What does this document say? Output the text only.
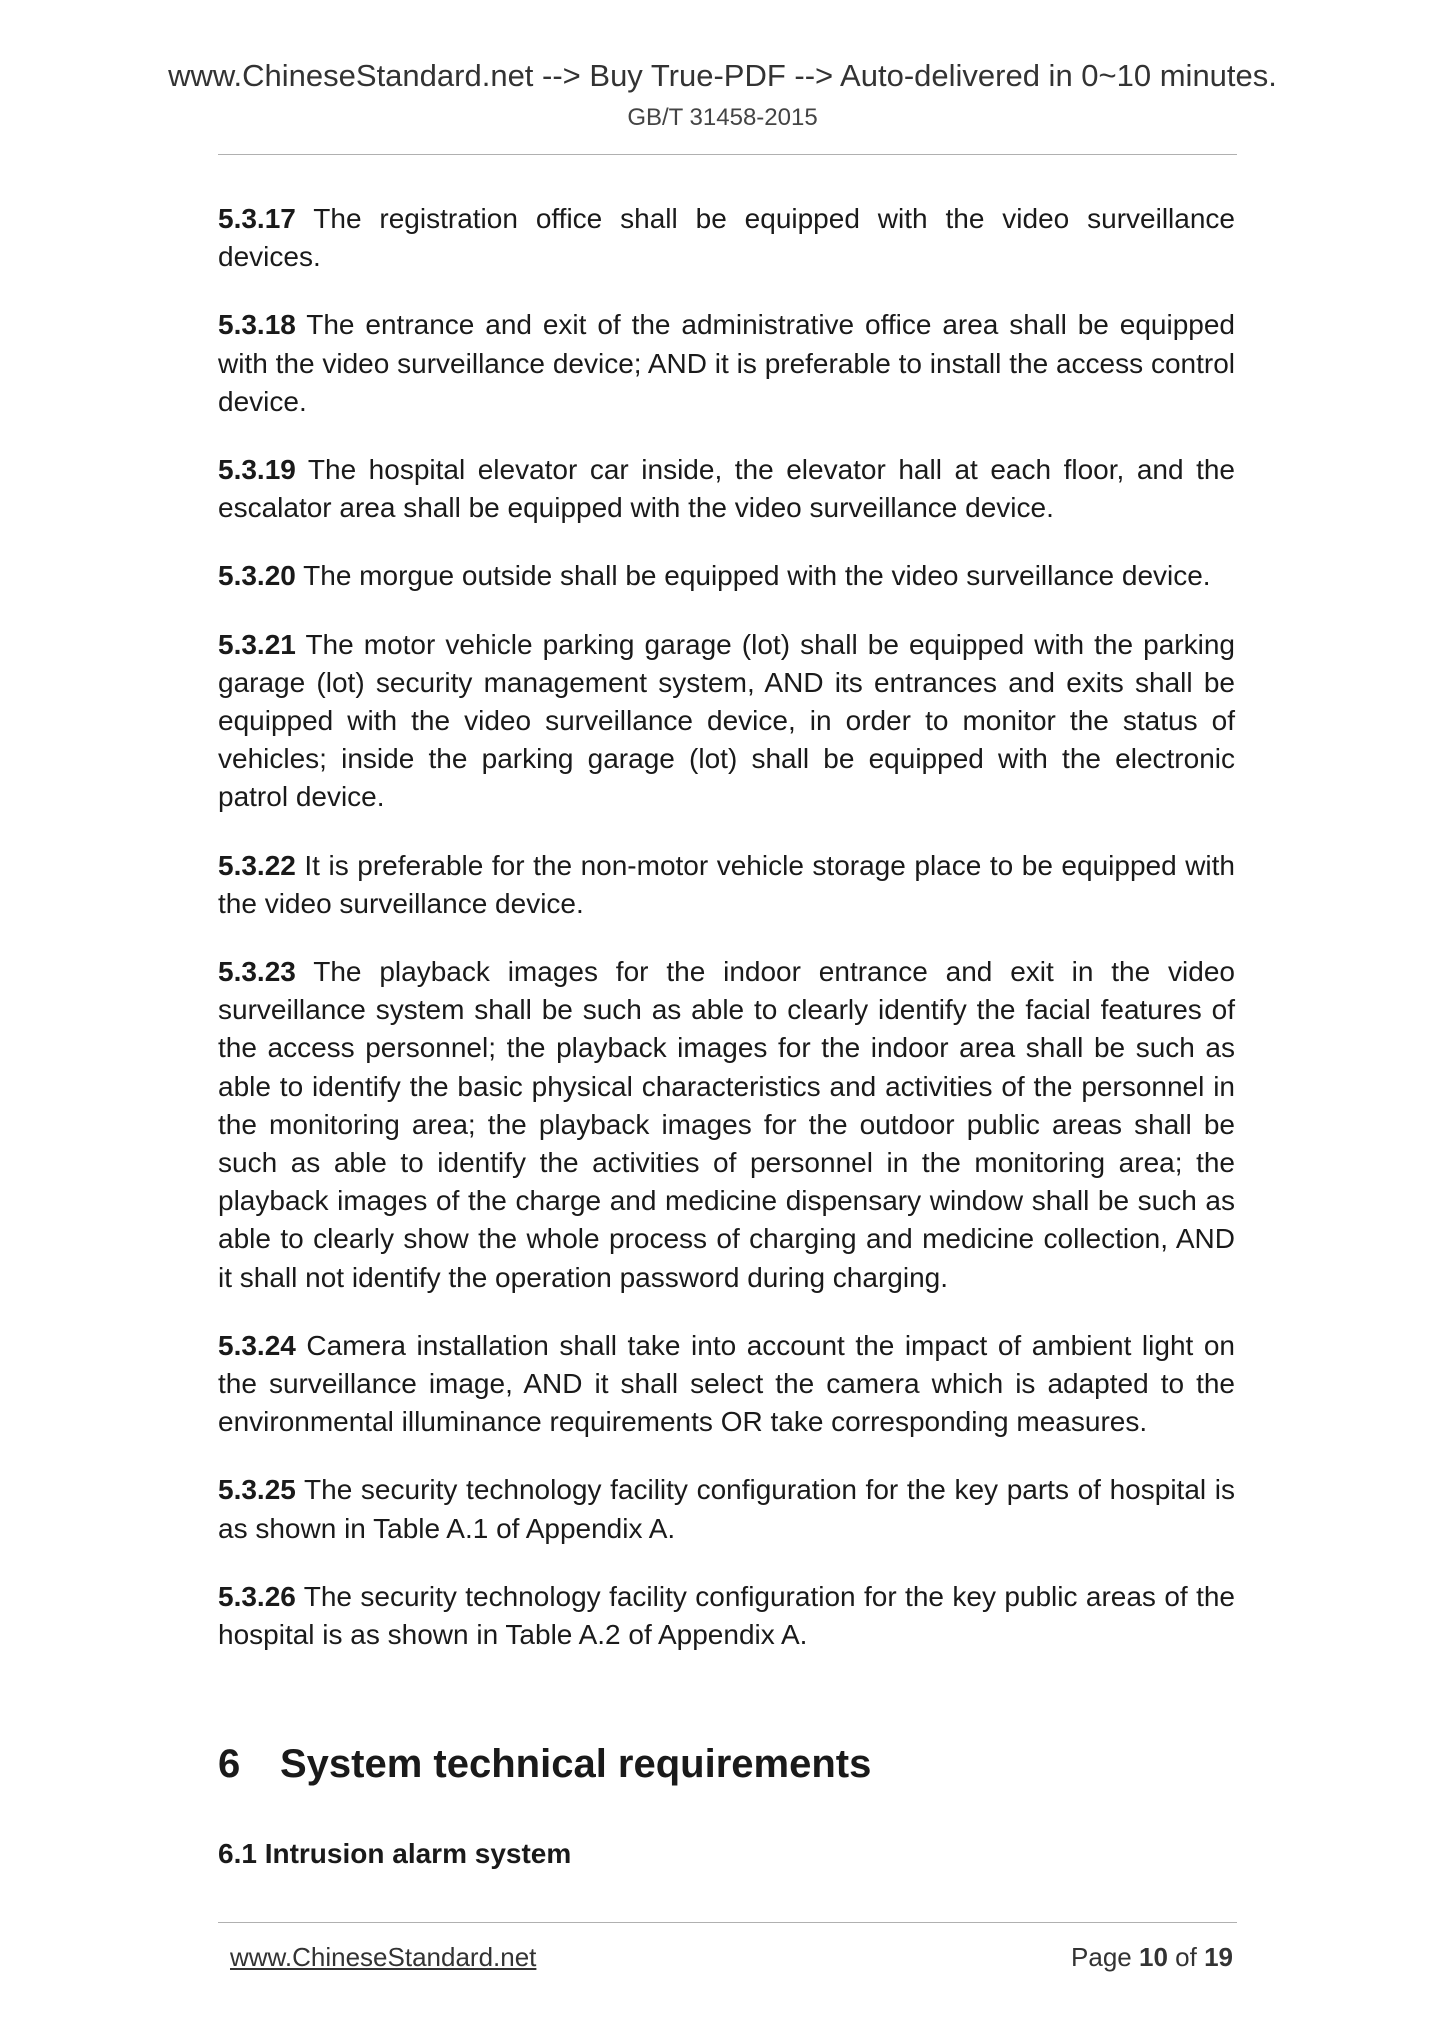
www.ChineseStandard.net --> Buy True-PDF --> Auto-delivered in 0~10 minutes.
GB/T 31458-2015

5.3.17 The registration office shall be equipped with the video surveillance devices.

5.3.18 The entrance and exit of the administrative office area shall be equipped with the video surveillance device; AND it is preferable to install the access control device.

5.3.19 The hospital elevator car inside, the elevator hall at each floor, and the escalator area shall be equipped with the video surveillance device.

5.3.20 The morgue outside shall be equipped with the video surveillance device.

5.3.21 The motor vehicle parking garage (lot) shall be equipped with the parking garage (lot) security management system, AND its entrances and exits shall be equipped with the video surveillance device, in order to monitor the status of vehicles; inside the parking garage (lot) shall be equipped with the electronic patrol device.

5.3.22 It is preferable for the non-motor vehicle storage place to be equipped with the video surveillance device.

5.3.23 The playback images for the indoor entrance and exit in the video surveillance system shall be such as able to clearly identify the facial features of the access personnel; the playback images for the indoor area shall be such as able to identify the basic physical characteristics and activities of the personnel in the monitoring area; the playback images for the outdoor public areas shall be such as able to identify the activities of personnel in the monitoring area; the playback images of the charge and medicine dispensary window shall be such as able to clearly show the whole process of charging and medicine collection, AND it shall not identify the operation password during charging.

5.3.24 Camera installation shall take into account the impact of ambient light on the surveillance image, AND it shall select the camera which is adapted to the environmental illuminance requirements OR take corresponding measures.

5.3.25 The security technology facility configuration for the key parts of hospital is as shown in Table A.1 of Appendix A.

5.3.26 The security technology facility configuration for the key public areas of the hospital is as shown in Table A.2 of Appendix A.

6 System technical requirements
6.1 Intrusion alarm system
www.ChineseStandard.net	Page 10 of 19
